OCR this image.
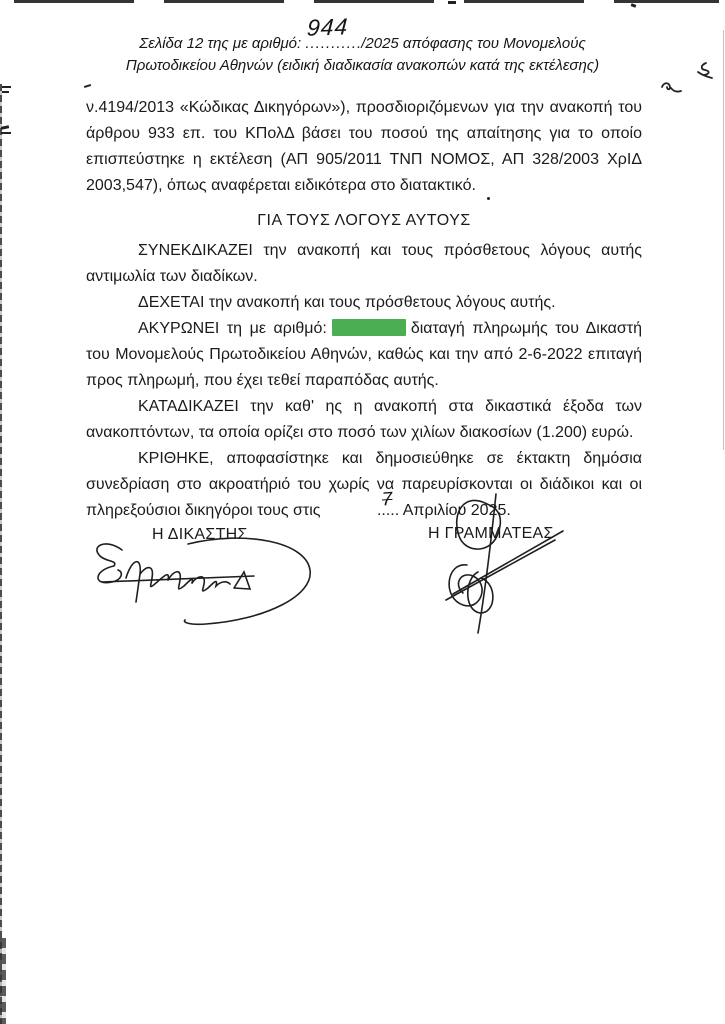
Σελίδα 12 της με αριθμό: ..........
944
./2025 απόφασης του Μονομελούς
Πρωτοδικείου Αθηνών (ειδική διαδικασία ανακοπών κατά της εκτέλεσης)

ν.4194/2013 «Κώδικας Δικηγόρων»), προσδιοριζόμενων για την ανακοπή του άρθρου 933 επ. του ΚΠολΔ βάσει του ποσού της απαίτησης για το οποίο επισπεύστηκε η εκτέλεση (ΑΠ 905/2011 ΤΝΠ ΝΟΜΟΣ, ΑΠ 328/2003 ΧρΙΔ 2003,547), όπως αναφέρεται ειδικότερα στο διατακτικό.

ΓΙΑ ΤΟΥΣ ΛΟΓΟΥΣ ΑΥΤΟΥΣ

ΣΥΝΕΚΔΙΚΑΖΕΙ την ανακοπή και τους πρόσθετους λόγους αυτής αντιμωλία των διαδίκων.

ΔΕΧΕΤΑΙ την ανακοπή και τους πρόσθετους λόγους αυτής.

ΑΚΥΡΩΝΕΙ τη με αριθμό:	διαταγή πληρωμής του Δικαστή του Μονομελούς Πρωτοδικείου Αθηνών, καθώς και την από 2-6-2022 επιταγή προς πληρωμή, που έχει τεθεί παραπόδας αυτής.

ΚΑΤΑΔΙΚΑΖΕΙ την καθ' ης η ανακοπή στα δικαστικά έξοδα των ανακοπτόντων, τα οποία ορίζει στο ποσό των χιλίων διακοσίων (1.200) ευρώ.

ΚΡΙΘΗΚΕ, αποφασίστηκε και δημοσιεύθηκε σε έκτακτη δημόσια συνεδρίαση στο ακροατήριό του χωρίς να παρευρίσκονται οι διάδικοι και οι πληρεξούσιοι δικηγόροι τους στις	..
7
... Απριλίου 2025.

Η ΔΙΚΑΣΤΗΣ	Η ΓΡΑΜΜΑΤΕΑΣ
